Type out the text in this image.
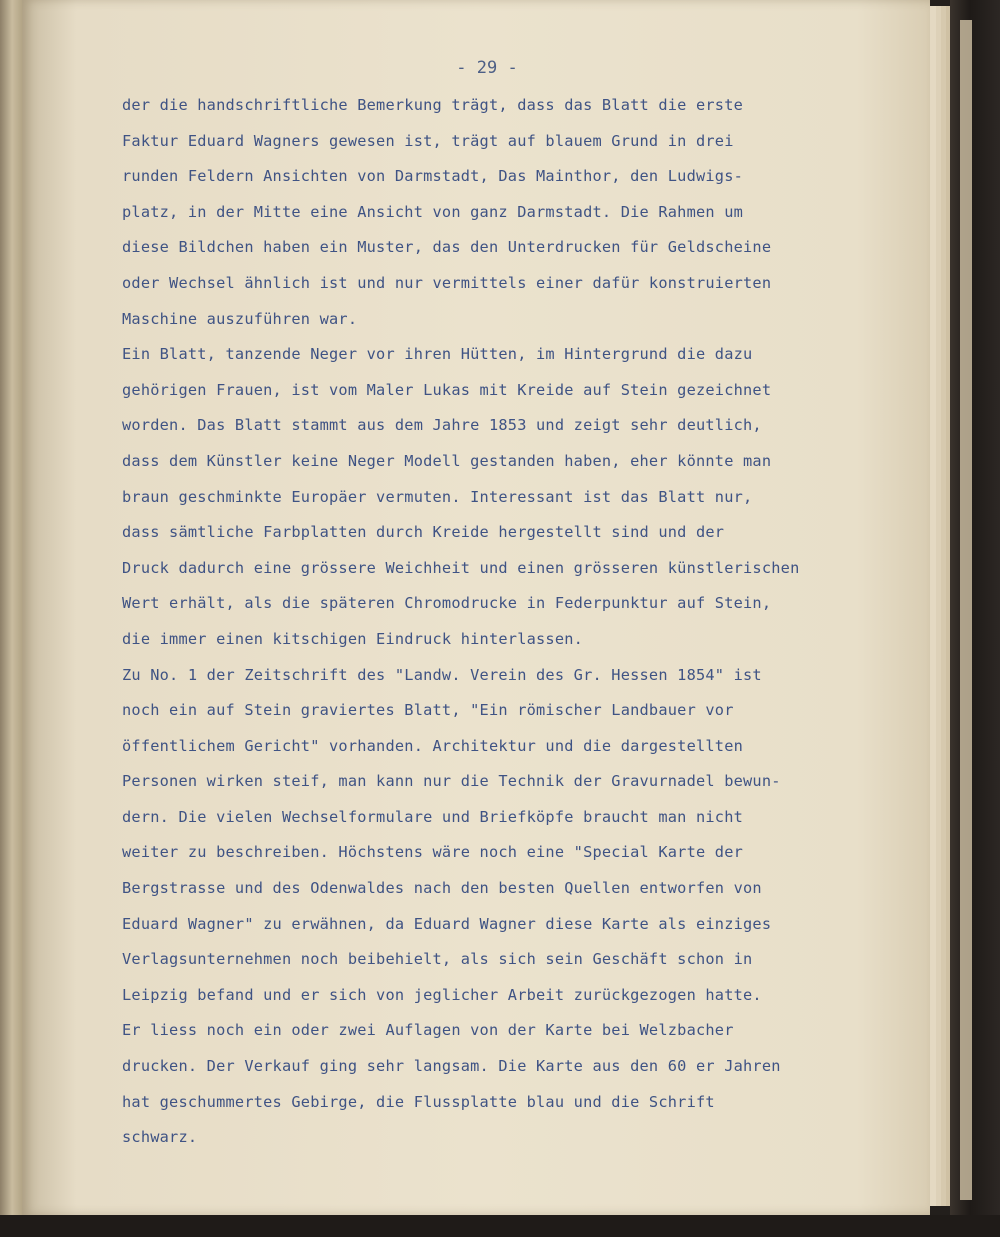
- 29 -
der die handschriftliche Bemerkung trägt, dass das Blatt die erste
Faktur Eduard Wagners gewesen ist, trägt auf blauem Grund in drei
runden Feldern Ansichten von Darmstadt, Das Mainthor, den Ludwigs-
platz, in der Mitte eine Ansicht von ganz Darmstadt. Die Rahmen um
diese Bildchen haben ein Muster, das den Unterdrucken für Geldscheine
oder Wechsel ähnlich ist und nur vermittels einer dafür konstruierten
Maschine auszuführen war.
Ein Blatt, tanzende Neger vor ihren Hütten, im Hintergrund die dazu
gehörigen Frauen, ist vom Maler Lukas mit Kreide auf Stein gezeichnet
worden. Das Blatt stammt aus dem Jahre 1853 und zeigt sehr deutlich,
dass dem Künstler keine Neger Modell gestanden haben, eher könnte man
braun geschminkte Europäer vermuten. Interessant ist das Blatt nur,
dass sämtliche Farbplatten durch Kreide hergestellt sind und der
Druck dadurch eine grössere Weichheit und einen grösseren künstlerischen
Wert erhält, als die späteren Chromodrucke in Federpunktur auf Stein,
die immer einen kitschigen Eindruck hinterlassen.
Zu No. 1 der Zeitschrift des "Landw. Verein des Gr. Hessen 1854" ist
noch ein auf Stein graviertes Blatt, "Ein römischer Landbauer vor
öffentlichem Gericht" vorhanden. Architektur und die dargestellten
Personen wirken steif, man kann nur die Technik der Gravurnadel bewun-
dern. Die vielen Wechselformulare und Briefköpfe braucht man nicht
weiter zu beschreiben. Höchstens wäre noch eine "Special Karte der
Bergstrasse und des Odenwaldes nach den besten Quellen entworfen von
Eduard Wagner" zu erwähnen, da Eduard Wagner diese Karte als einziges
Verlagsunternehmen noch beibehielt, als sich sein Geschäft schon in
Leipzig befand und er sich von jeglicher Arbeit zurückgezogen hatte.
Er liess noch ein oder zwei Auflagen von der Karte bei Welzbacher
drucken. Der Verkauf ging sehr langsam. Die Karte aus den 60 er Jahren
hat geschummertes Gebirge, die Flussplatte blau und die Schrift
schwarz.
